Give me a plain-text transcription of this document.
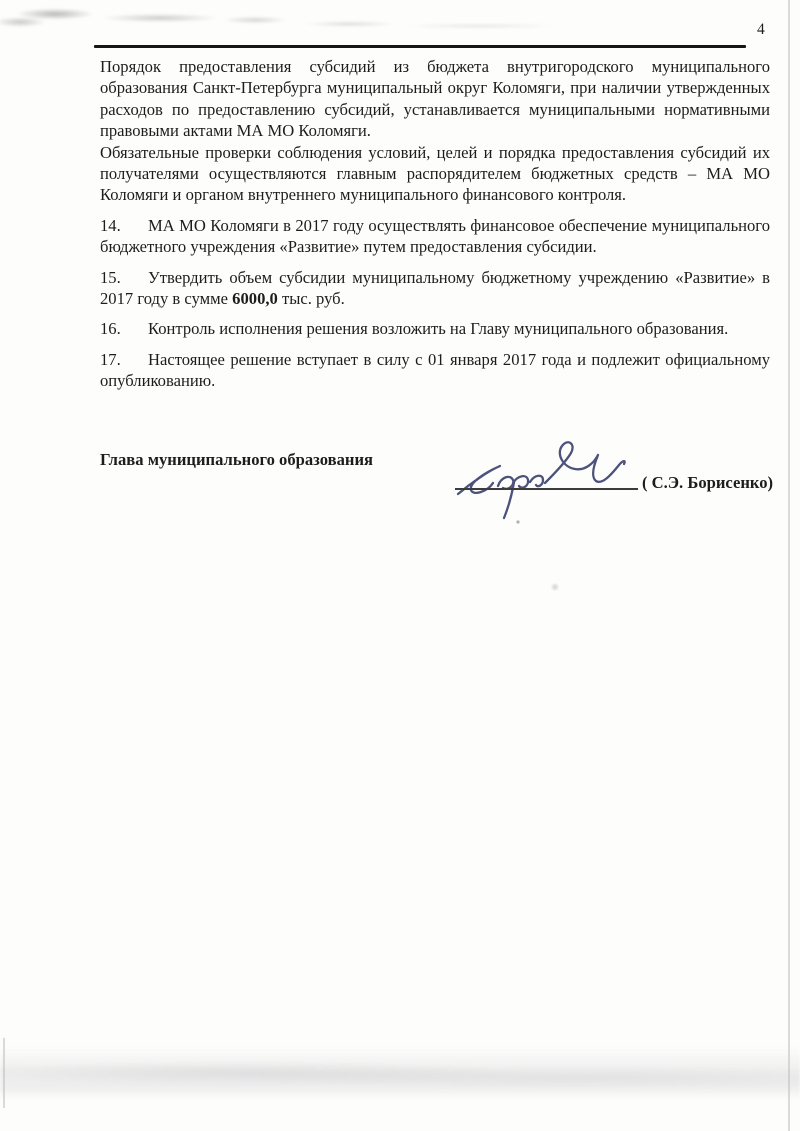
4

Порядок предоставления субсидий из бюджета внутригородского муниципального образования Санкт-Петербурга муниципальный округ Коломяги, при наличии утвержденных расходов по предоставлению субсидий, устанавливается муниципальными нормативными правовыми актами МА МО Коломяги.

Обязательные проверки соблюдения условий, целей и порядка предоставления субсидий их получателями осуществляются главным распорядителем бюджетных средств – МА МО Коломяги и органом внутреннего муниципального финансового контроля.

14. МА МО Коломяги в 2017 году осуществлять финансовое обеспечение муниципального бюджетного учреждения «Развитие» путем предоставления субсидии.

15. Утвердить объем субсидии муниципальному бюджетному учреждению «Развитие» в 2017 году в сумме 6000,0 тыс. руб.

16. Контроль исполнения решения возложить на Главу муниципального образования.

17. Настоящее решение вступает в силу с 01 января 2017 года и подлежит официальному опубликованию.

Глава муниципального образования
( С.Э. Борисенко)
